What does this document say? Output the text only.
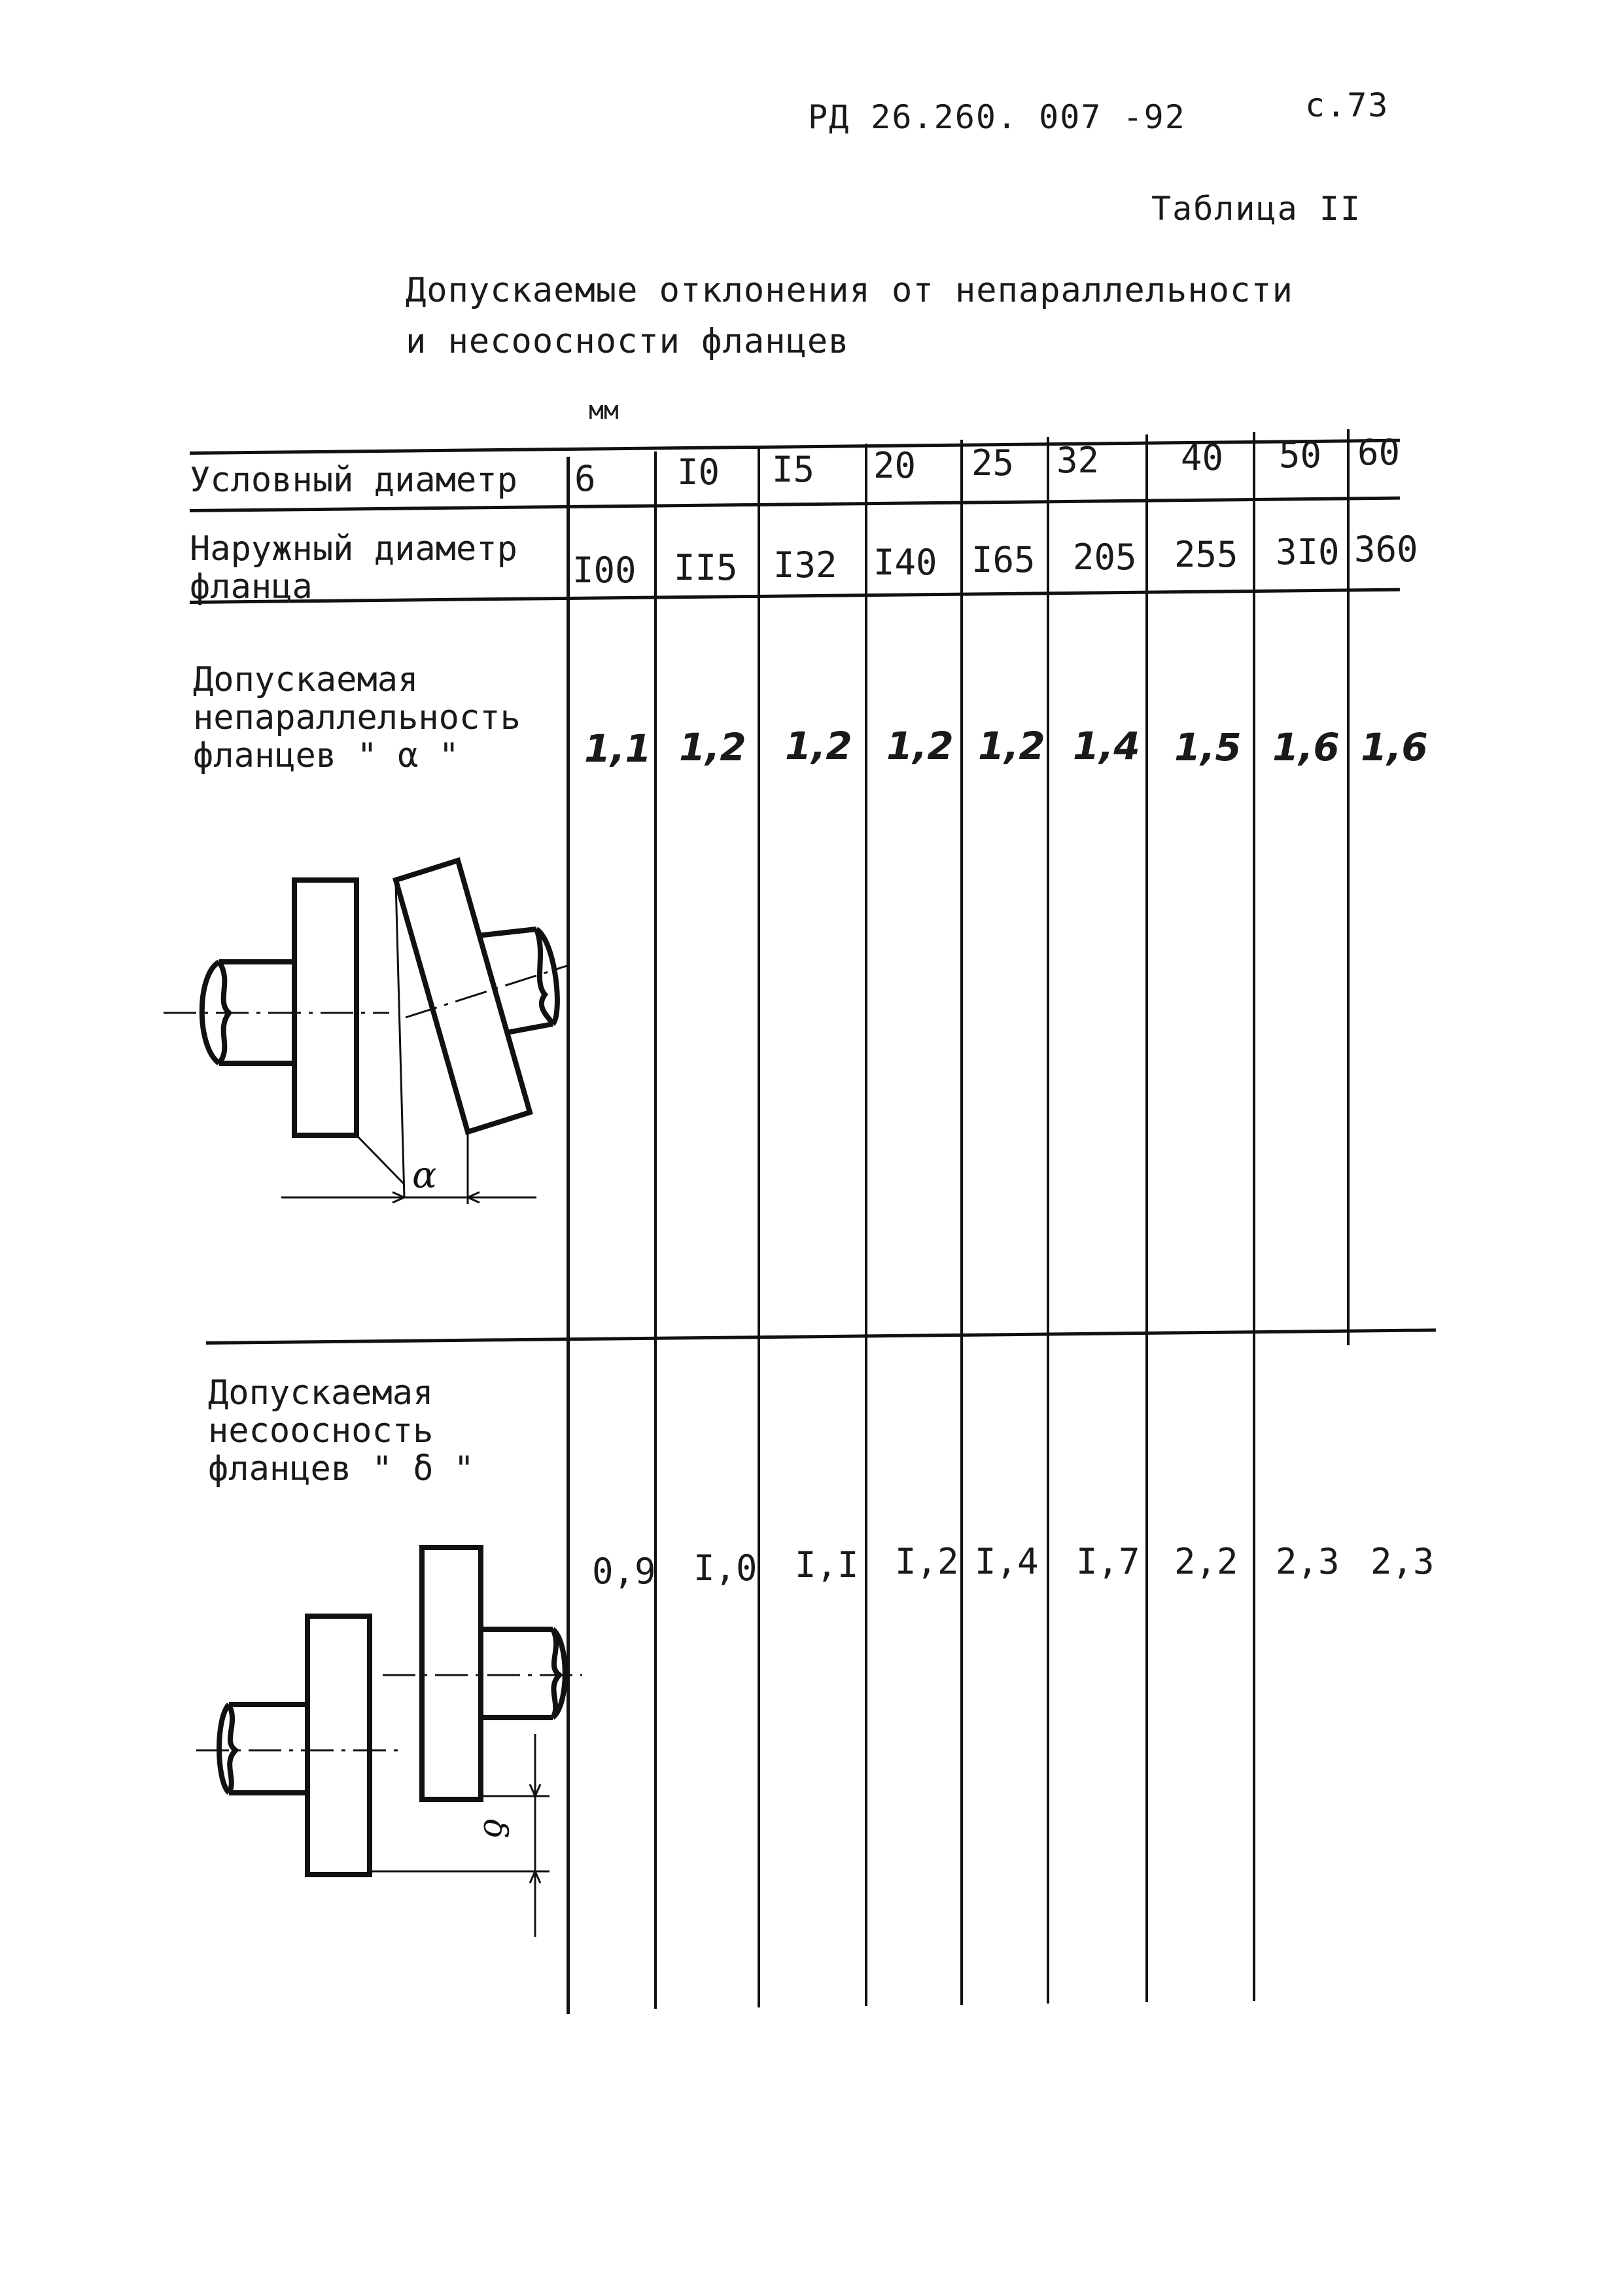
РД 26.260. 007 -92	с.73
Таблица II
Допускаемые отклонения от непараллельности
и несоосности фланцев
мм
Условный диаметр
Наружный диаметр
фланца
Допускаемая
непараллельность
фланцев " α "
Допускаемая
несоосность
фланцев " δ "
6 I0 I5 20 25 32 40 50 60
I00 II5 I32 I40 I65 205 255 3I0 360
1,1 1,2 1,2 1,2 1,2 1,4 1,5 1,6 1,6
0,9 I,0 I,I I,2 I,4 I,7 2,2 2,3 2,3
α
δ
